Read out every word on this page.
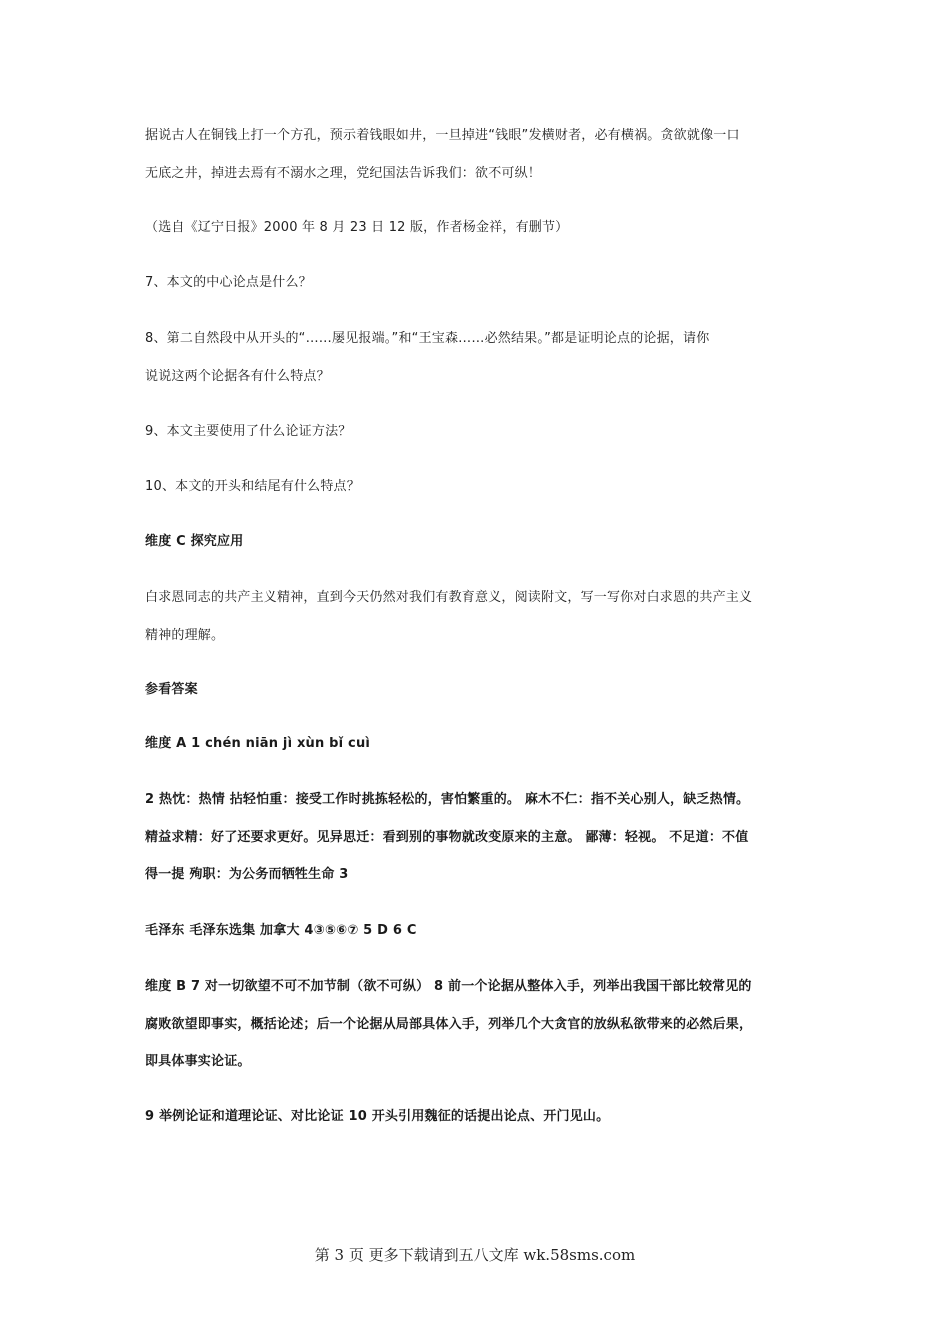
据说古人在铜钱上打一个方孔，预示着钱眼如井，一旦掉进“钱眼”发横财者，必有横祸。贪欲就像一口
无底之井，掉进去焉有不溺水之理，党纪国法告诉我们：欲不可纵！
（选自《辽宁日报》2000 年 8 月 23 日 12 版，作者杨金祥，有删节）
7、本文的中心论点是什么？
8、第二自然段中从开头的“……屡见报端。”和“王宝森……必然结果。”都是证明论点的论据，请你
说说这两个论据各有什么特点？
9、本文主要使用了什么论证方法？
10、本文的开头和结尾有什么特点？
维度 C 探究应用
白求恩同志的共产主义精神，直到今天仍然对我们有教育意义，阅读附文，写一写你对白求恩的共产主义
精神的理解。
参看答案
维度 A 1 chén niān jì xùn bǐ cuì
2 热忱：热情 拈轻怕重：接受工作时挑拣轻松的，害怕繁重的。 麻木不仁：指不关心别人，缺乏热情。
精益求精：好了还要求更好。见异思迁：看到别的事物就改变原来的主意。 鄙薄：轻视。 不足道：不值
得一提 殉职：为公务而牺牲生命 3
毛泽东 毛泽东选集 加拿大 4③⑤⑥⑦ 5 D 6 C
维度 B 7 对一切欲望不可不加节制（欲不可纵） 8 前一个论据从整体入手，列举出我国干部比较常见的
腐败欲望即事实，概括论述；后一个论据从局部具体入手，列举几个大贪官的放纵私欲带来的必然后果，
即具体事实论证。
9 举例论证和道理论证、对比论证 10 开头引用魏征的话提出论点、开门见山。
第 3 页 更多下载请到五八文库 wk.58sms.com
